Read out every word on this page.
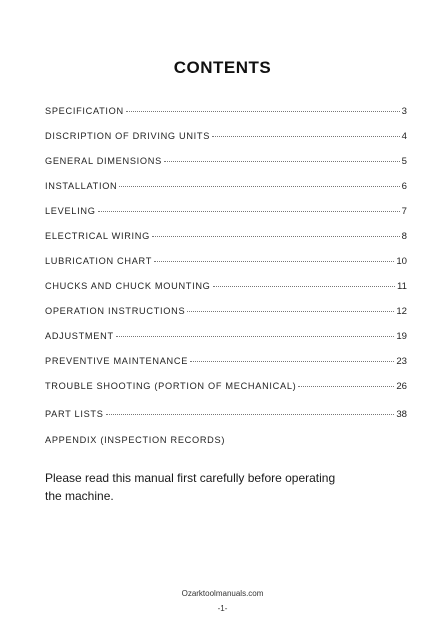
CONTENTS
SPECIFICATION	3
DISCRIPTION OF DRIVING UNITS	4
GENERAL DIMENSIONS	5
INSTALLATION	6
LEVELING	7
ELECTRICAL WIRING	8
LUBRICATION CHART	10
CHUCKS AND CHUCK MOUNTING	11
OPERATION INSTRUCTIONS	12
ADJUSTMENT	19
PREVENTIVE MAINTENANCE	23
TROUBLE SHOOTING (PORTION OF MECHANICAL)	26
PART LISTS	38
APPENDIX (INSPECTION RECORDS)
Please read this manual first carefully before operating
the machine.
Ozarktoolmanuals.com
-1-
